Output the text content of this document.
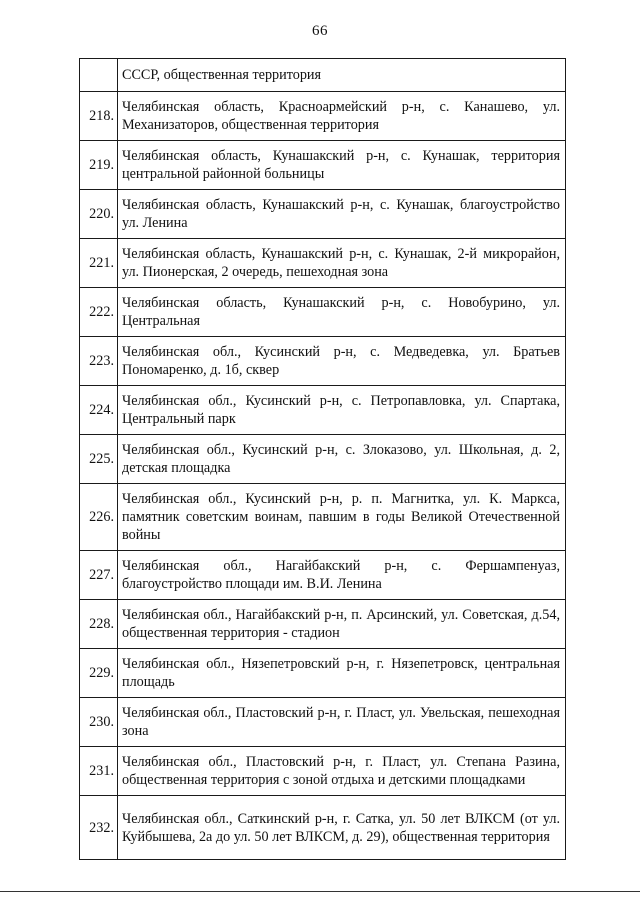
66
	СССР, общественная территория
218.	Челябинская область, Красноармейский р-н, с. Канашево, ул. Механизаторов, общественная территория
219.	Челябинская область, Кунашакский р-н, с. Кунашак, территория центральной районной больницы
220.	Челябинская область, Кунашакский р-н, с. Кунашак, благоустройство ул. Ленина
221.	Челябинская область, Кунашакский р-н, с. Кунашак, 2-й микрорайон, ул. Пионерская, 2 очередь, пешеходная зона
222.	Челябинская область, Кунашакский р-н, с. Новобурино, ул. Центральная
223.	Челябинская обл., Кусинский р-н, с. Медведевка, ул. Братьев Пономаренко, д. 1б, сквер
224.	Челябинская обл., Кусинский р-н, с. Петропавловка, ул. Спартака, Центральный парк
225.	Челябинская обл., Кусинский р-н, с. Злоказово, ул. Школьная, д. 2, детская площадка
226.	Челябинская обл., Кусинский р-н, р. п. Магнитка, ул. К. Маркса, памятник советским воинам, павшим в годы Великой Отечественной войны
227.	Челябинская обл., Нагайбакский р-н, с. Фершампенуаз, благоустройство площади им. В.И. Ленина
228.	Челябинская обл., Нагайбакский р-н, п. Арсинский, ул. Советская, д.54, общественная территория - стадион
229.	Челябинская обл., Нязепетровский р-н, г. Нязепетровск, центральная площадь
230.	Челябинская обл., Пластовский р-н, г. Пласт, ул. Увельская, пешеходная зона
231.	Челябинская обл., Пластовский р-н, г. Пласт, ул. Степана Разина, общественная территория с зоной отдыха и детскими площадками
232.	Челябинская обл., Саткинский р-н, г. Сатка, ул. 50 лет ВЛКСМ (от ул. Куйбышева, 2а до ул. 50 лет ВЛКСМ, д. 29), общественная территория
